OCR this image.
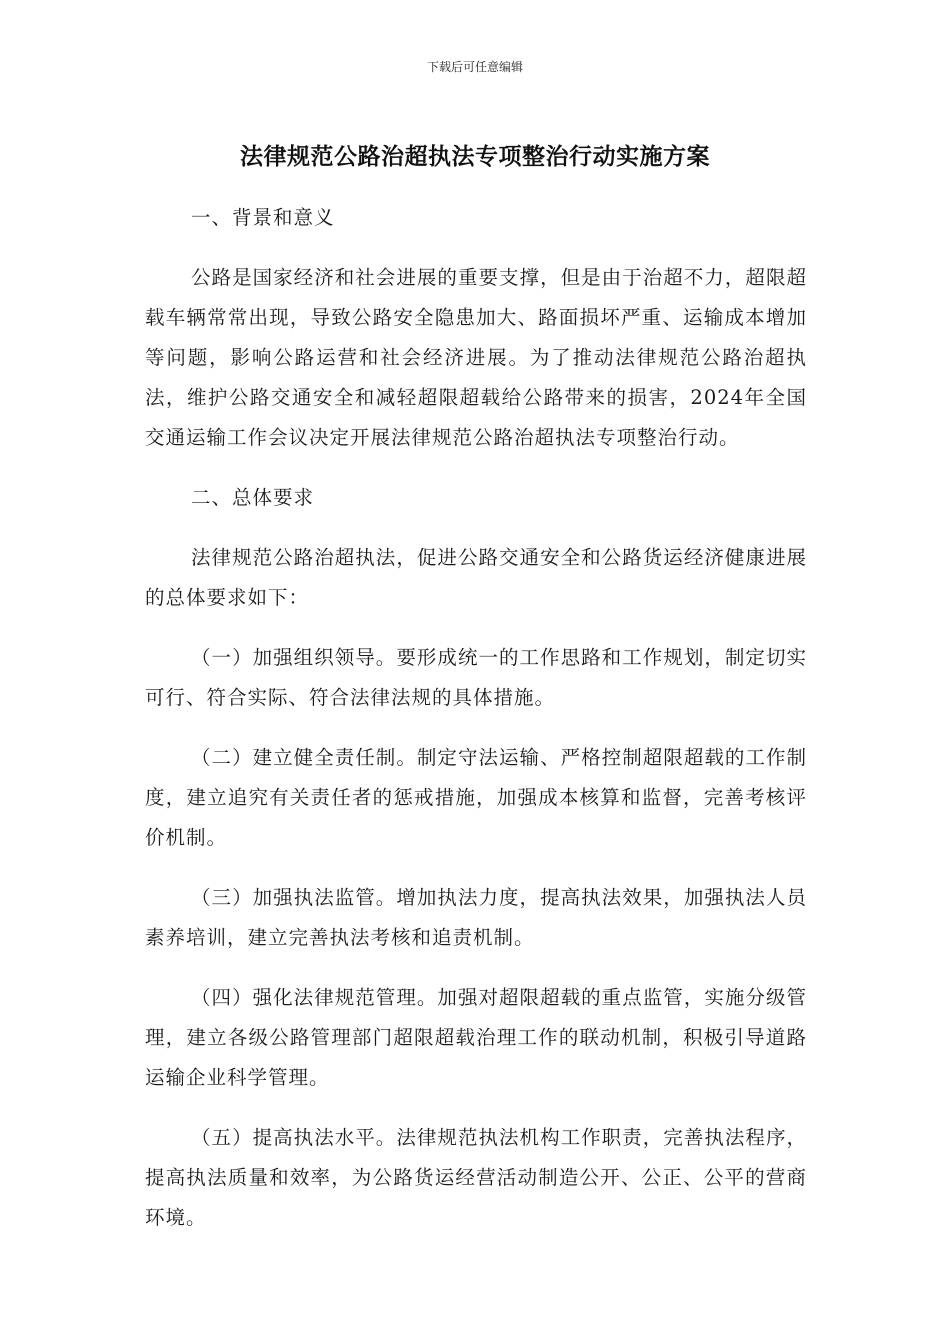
下载后可任意编辑
法律规范公路治超执法专项整治行动实施方案
一、背景和意义

公路是国家经济和社会进展的重要支撑，但是由于治超不力，超限超载车辆常常出现，导致公路安全隐患加大、路面损坏严重、运输成本增加等问题，影响公路运营和社会经济进展。为了推动法律规范公路治超执法，维护公路交通安全和减轻超限超载给公路带来的损害，2024年全国交通运输工作会议决定开展法律规范公路治超执法专项整治行动。

二、总体要求

法律规范公路治超执法，促进公路交通安全和公路货运经济健康进展的总体要求如下：

（一）加强组织领导。要形成统一的工作思路和工作规划，制定切实可行、符合实际、符合法律法规的具体措施。

（二）建立健全责任制。制定守法运输、严格控制超限超载的工作制度，建立追究有关责任者的惩戒措施，加强成本核算和监督，完善考核评价机制。

（三）加强执法监管。增加执法力度，提高执法效果，加强执法人员素养培训，建立完善执法考核和追责机制。

（四）强化法律规范管理。加强对超限超载的重点监管，实施分级管理，建立各级公路管理部门超限超载治理工作的联动机制，积极引导道路运输企业科学管理。

（五）提高执法水平。法律规范执法机构工作职责，完善执法程序，提高执法质量和效率，为公路货运经营活动制造公开、公正、公平的营商环境。
